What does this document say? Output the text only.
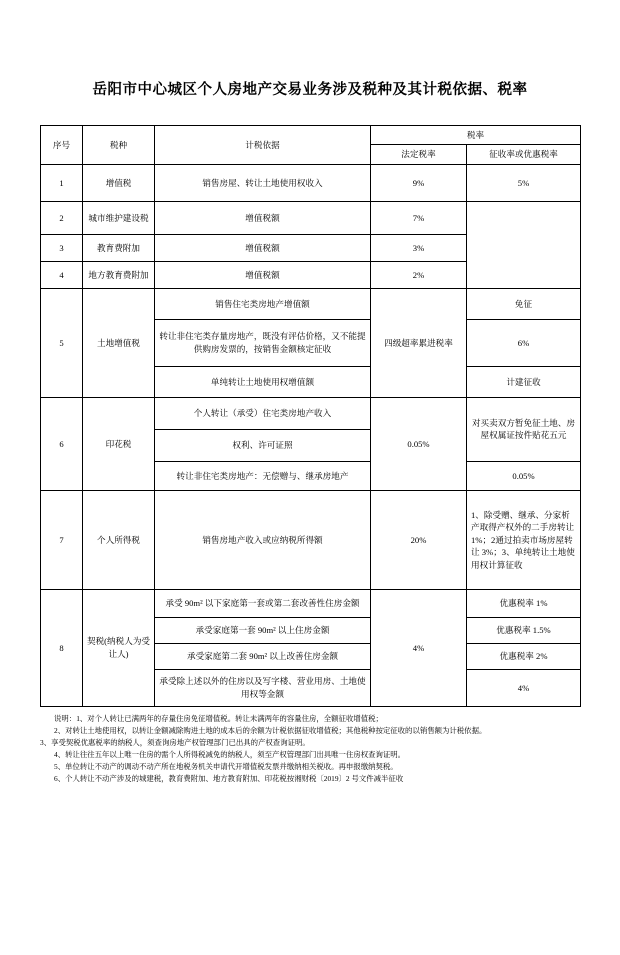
岳阳市中心城区个人房地产交易业务涉及税种及其计税依据、税率
序号	税种	计税依据	税率	
			法定税率	征收率或优惠税率
1	增值税	销售房屋、转让土地使用权收入	9%	5%
2	城市维护建设税	增值税额	7%	
3	教育费附加	增值税额	3%	
4	地方教育费附加	增值税额	2%	
5	土地增值税	销售住宅类房地产增值额	四级超率累进税率	免征
		转让非住宅类存量房地产，既没有评估价格，又不能提供购房发票的，按销售金额核定征收		6%
		单纯转让土地使用权增值额		计建征收
6	印花税	个人转让（承受）住宅类房地产收入	0.05%	对买卖双方暂免征土地、房屋权属证按件贴花五元
		权利、许可证照		
		转让非住宅类房地产：无偿赠与、继承房地产		0.05%
7	个人所得税	销售房地产收入或应纳税所得额	20%	1、除受赠、继承、分家析产取得产权外的二手房转让1%；2通过拍卖市场房屋转让 3%；3、单纯转让土地使用权计算征收
8	契税(纳税人为受让人)	承受 90m² 以下家庭第一套或第二套改善性住房金额	4%	优惠税率 1%
		承受家庭第一套 90m² 以上住房金额		优惠税率 1.5%
		承受家庭第二套 90m² 以上改善住房金额		优惠税率 2%
		承受除上述以外的住房以及写字楼、营业用房、土地使用权等金额		4%

说明：1、对个人转让已满两年的存量住房免征增值税。转让未满两年的容量住房，全额征收增值税；

2、对转让土地使用权，以转让金额减除购进土地的成本后的余额为计税依据征收增值税；其他税种按定征收的以销售额为计税依据。

3、享受契税优惠税率的纳税人，须查询房地产权管理部门已出具的产权查询证明。

4、转让往往五年以上唯一住房的需个人所得税减免的纳税人，须至产权管理部门出具唯一住房权查询证明。

5、单位转让不动产的调动不动产所在地税务机关申请代开增值税发票并缴纳相关税收。再申报缴纳契税。

6、个人转让不动产涉及的城建税，教育费附加、地方教育附加、印花税按湘财税〔2019〕2 号文件减半征收
